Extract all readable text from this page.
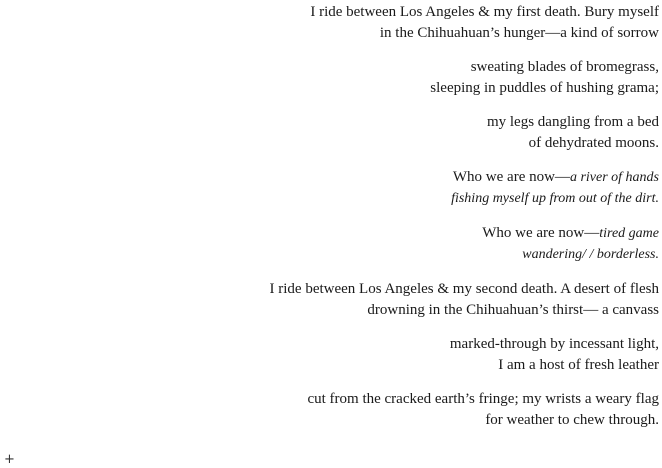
I ride between Los Angeles & my first death. Bury myself
in the Chihuahuan’s hunger—a kind of sorrow
sweating blades of bromegrass,
sleeping in puddles of hushing grama;
my legs dangling from a bed
of dehydrated moons.
Who we are now—a river of hands
fishing myself up from out of the dirt.
Who we are now—tired game
wandering/ / borderless.
I ride between Los Angeles & my second death. A desert of flesh
drowning in the Chihuahuan’s thirst— a canvass
marked-through by incessant light,
I am a host of fresh leather
cut from the cracked earth’s fringe; my wrists a weary flag
for weather to chew through.
+
